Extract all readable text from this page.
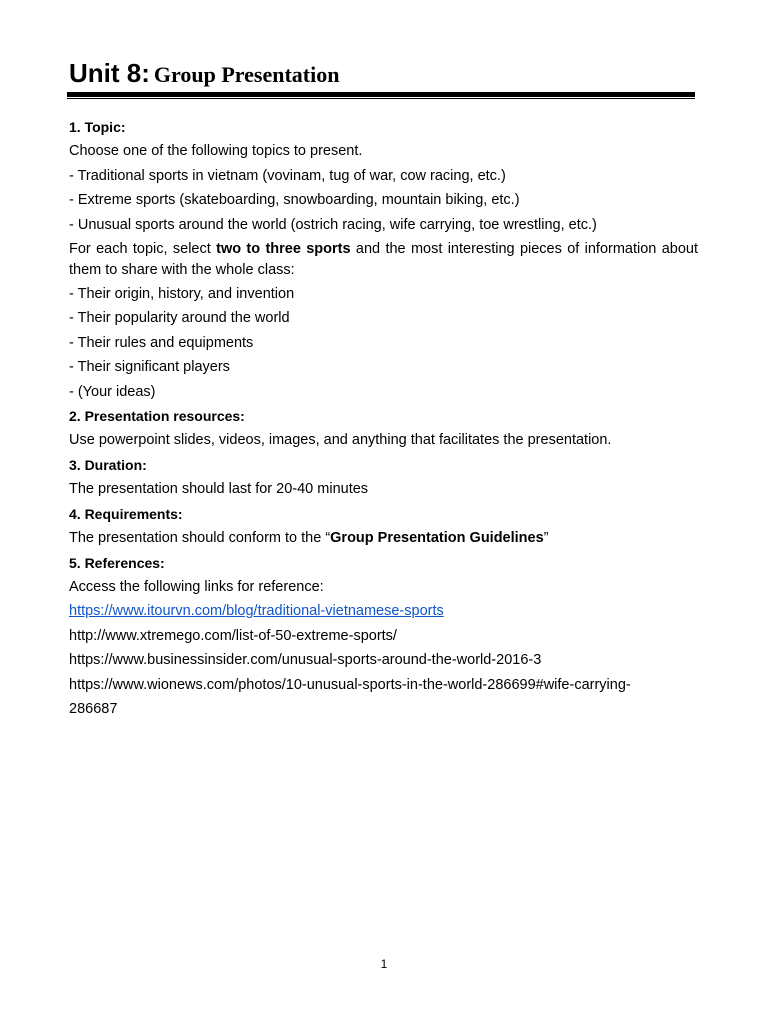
Unit 8: Group Presentation

1. Topic:

Choose one of the following topics to present.

- Traditional sports in vietnam (vovinam, tug of war, cow racing, etc.)

- Extreme sports (skateboarding, snowboarding, mountain biking, etc.)

- Unusual sports around the world (ostrich racing, wife carrying, toe wrestling, etc.)

For each topic, select two to three sports and the most interesting pieces of information about them to share with the whole class:

- Their origin, history, and invention

- Their popularity around the world

- Their rules and equipments

- Their significant players

- (Your ideas)

2. Presentation resources:

Use powerpoint slides, videos, images, and anything that facilitates the presentation.

3. Duration:

The presentation should last for 20-40 minutes

4. Requirements:

The presentation should conform to the “Group Presentation Guidelines”

5. References:

Access the following links for reference:

https://www.itourvn.com/blog/traditional-vietnamese-sports

http://www.xtremego.com/list-of-50-extreme-sports/

https://www.businessinsider.com/unusual-sports-around-the-world-2016-3

https://www.wionews.com/photos/10-unusual-sports-in-the-world-286699#wife-carrying-

286687

1
